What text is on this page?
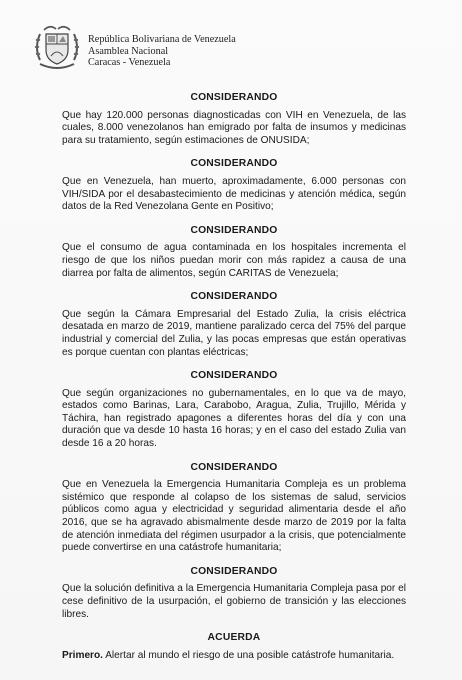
República Bolivariana de Venezuela
Asamblea Nacional
Caracas - Venezuela
CONSIDERANDO
Que hay 120.000 personas diagnosticadas con VIH en Venezuela, de las cuales, 8.000 venezolanos han emigrado por falta de insumos y medicinas para su tratamiento, según estimaciones de ONUSIDA;
CONSIDERANDO
Que en Venezuela, han muerto, aproximadamente, 6.000 personas con VIH/SIDA por el desabastecimiento de medicinas y atención médica, según datos de la Red Venezolana Gente en Positivo;
CONSIDERANDO
Que el consumo de agua contaminada en los hospitales incrementa el riesgo de que los niños puedan morir con más rapidez a causa de una diarrea por falta de alimentos, según CARITAS de Venezuela;
CONSIDERANDO
Que según la Cámara Empresarial del Estado Zulia, la crisis eléctrica desatada en marzo de 2019, mantiene paralizado cerca del 75% del parque industrial y comercial del Zulia, y las pocas empresas que están operativas es porque cuentan con plantas eléctricas;
CONSIDERANDO
Que según organizaciones no gubernamentales, en lo que va de mayo, estados como Barinas, Lara, Carabobo, Aragua, Zulia, Trujillo, Mérida y Táchira, han registrado apagones a diferentes horas del día y con una duración que va desde 10 hasta 16 horas; y en el caso del estado Zulia van desde 16 a 20 horas.
CONSIDERANDO
Que en Venezuela la Emergencia Humanitaria Compleja es un problema sistémico que responde al colapso de los sistemas de salud, servicios públicos como agua y electricidad y seguridad alimentaria desde el año 2016, que se ha agravado abismalmente desde marzo de 2019 por la falta de atención inmediata del régimen usurpador a la crisis, que potencialmente puede convertirse en una catástrofe humanitaria;
CONSIDERANDO
Que la solución definitiva a la Emergencia Humanitaria Compleja pasa por el cese definitivo de la usurpación, el gobierno de transición y las elecciones libres.
ACUERDA
Primero. Alertar al mundo el riesgo de una posible catástrofe humanitaria.
